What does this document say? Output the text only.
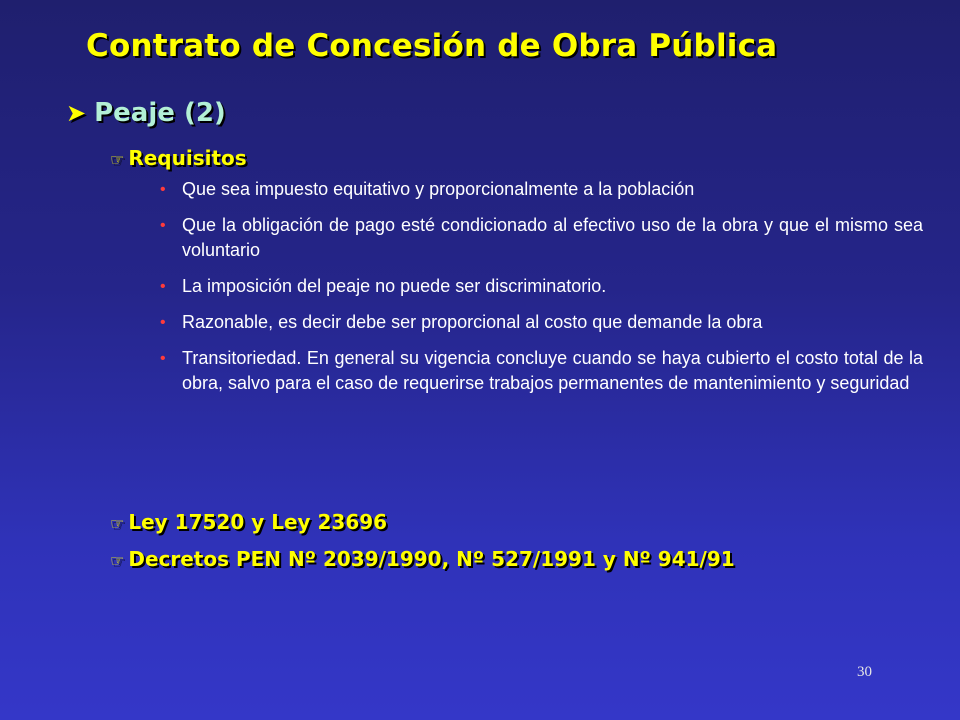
Contrato de Concesión de Obra Pública
➤ Peaje (2)
☞ Requisitos
• Que sea impuesto equitativo y proporcionalmente a la población
• Que la obligación de pago esté condicionado al efectivo uso de la obra y que el mismo sea voluntario
• La imposición del peaje no puede ser discriminatorio.
• Razonable, es decir debe ser proporcional al costo que demande la obra
• Transitoriedad. En general su vigencia concluye cuando se haya cubierto el costo total de la obra, salvo para el caso de requerirse trabajos permanentes de mantenimiento y seguridad
☞ Ley 17520 y Ley 23696
☞ Decretos PEN Nº 2039/1990, Nº 527/1991 y Nº 941/91
30
